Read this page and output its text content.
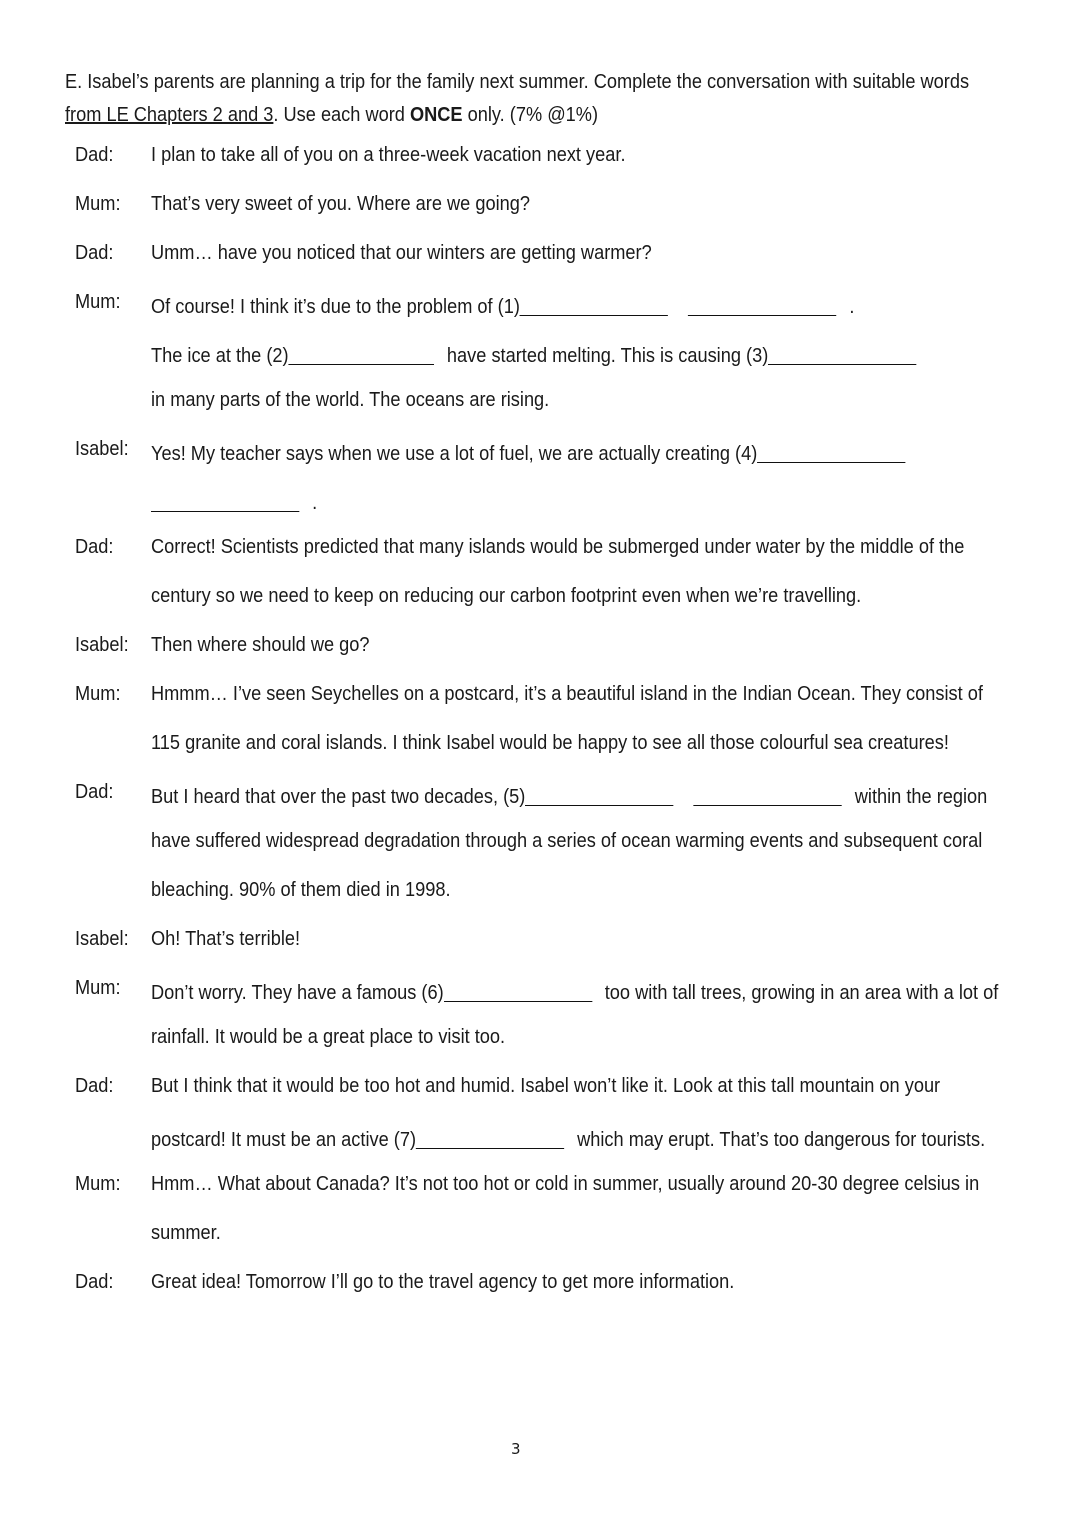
E. Isabel’s parents are planning a trip for the family next summer. Complete the conversation with suitable words
from LE Chapters 2 and 3. Use each word ONCE only. (7% @1%)
Dad: I plan to take all of you on a three-week vacation next year.
Mum: That’s very sweet of you. Where are we going?
Dad: Umm… have you noticed that our winters are getting warmer?
Mum: Of course! I think it’s due to the problem of (1)	.
The ice at the (2)	have started melting. This is causing (3)
in many parts of the world. The oceans are rising.
Isabel: Yes! My teacher says when we use a lot of fuel, we are actually creating (4)
.
Dad: Correct! Scientists predicted that many islands would be submerged under water by the middle of the
century so we need to keep on reducing our carbon footprint even when we’re travelling.
Isabel: Then where should we go?
Mum: Hmmm… I’ve seen Seychelles on a postcard, it’s a beautiful island in the Indian Ocean. They consist of
115 granite and coral islands. I think Isabel would be happy to see all those colourful sea creatures!
Dad: But I heard that over the past two decades, (5)	within the region
have suffered widespread degradation through a series of ocean warming events and subsequent coral
bleaching. 90% of them died in 1998.
Isabel: Oh! That’s terrible!
Mum: Don’t worry. They have a famous (6)	too with tall trees, growing in an area with a lot of
rainfall. It would be a great place to visit too.
Dad: But I think that it would be too hot and humid. Isabel won’t like it. Look at this tall mountain on your
postcard! It must be an active (7)	which may erupt. That’s too dangerous for tourists.
Mum: Hmm… What about Canada? It’s not too hot or cold in summer, usually around 20-30 degree celsius in
summer.
Dad: Great idea! Tomorrow I’ll go to the travel agency to get more information.
3
